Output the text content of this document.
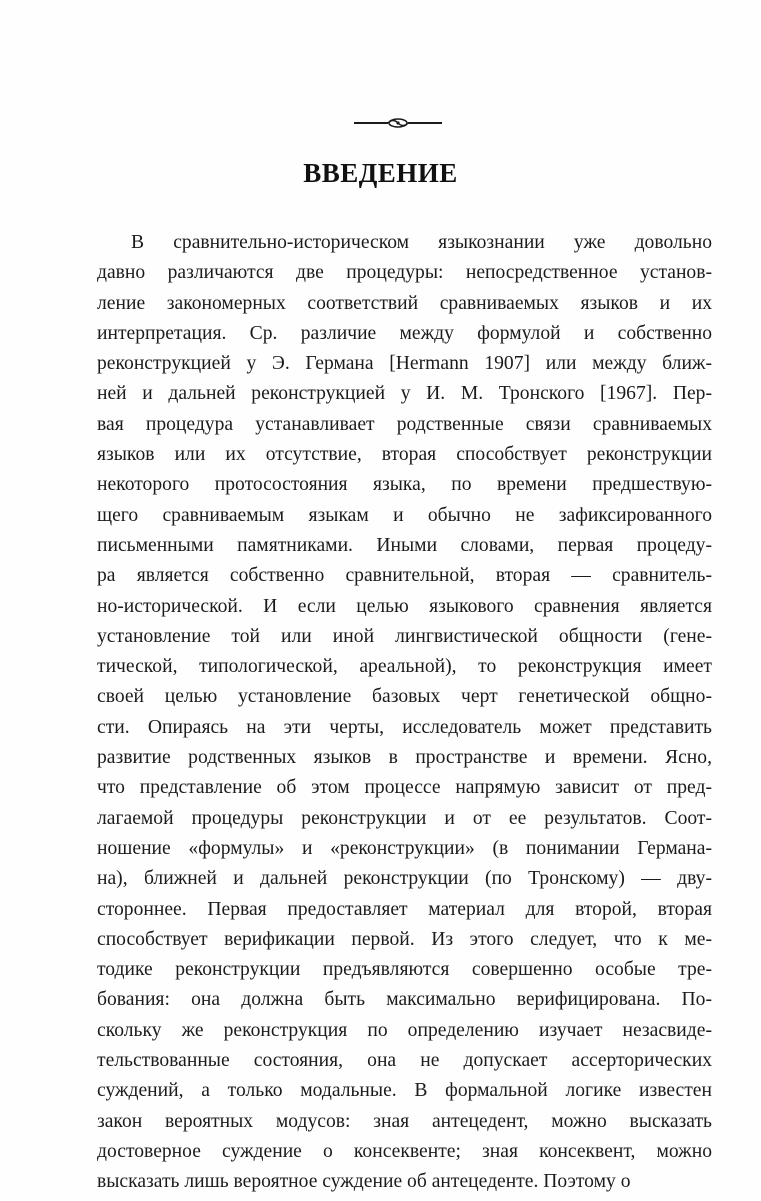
ВВЕДЕНИЕ
В сравнительно-историческом языкознании уже довольно
давно различаются две процедуры: непосредственное установ-
ление закономерных соответствий сравниваемых языков и их
интерпретация. Ср. различие между формулой и собственно
реконструкцией у Э. Германа [Hermann 1907] или между ближ-
ней и дальней реконструкцией у И. М. Тронского [1967]. Пер-
вая процедура устанавливает родственные связи сравниваемых
языков или их отсутствие, вторая способствует реконструкции
некоторого протосостояния языка, по времени предшествую-
щего сравниваемым языкам и обычно не зафиксированного
письменными памятниками. Иными словами, первая процеду-
ра является собственно сравнительной, вторая — сравнитель-
но-исторической. И если целью языкового сравнения является
установление той или иной лингвистической общности (гене-
тической, типологической, ареальной), то реконструкция имеет
своей целью установление базовых черт генетической общно-
сти. Опираясь на эти черты, исследователь может представить
развитие родственных языков в пространстве и времени. Ясно,
что представление об этом процессе напрямую зависит от пред-
лагаемой процедуры реконструкции и от ее результатов. Соот-
ношение «формулы» и «реконструкции» (в понимании Германа-
на), ближней и дальней реконструкции (по Тронскому) — дву-
стороннее. Первая предоставляет материал для второй, вторая
способствует верификации первой. Из этого следует, что к ме-
тодике реконструкции предъявляются совершенно особые тре-
бования: она должна быть максимально верифицирована. По-
скольку же реконструкция по определению изучает незасвиде-
тельствованные состояния, она не допускает ассерторических
суждений, а только модальные. В формальной логике известен
закон вероятных модусов: зная антецедент, можно высказать
достоверное суждение о консеквенте; зная консеквент, можно
высказать лишь вероятное суждение об антецеденте. Поэтому о
